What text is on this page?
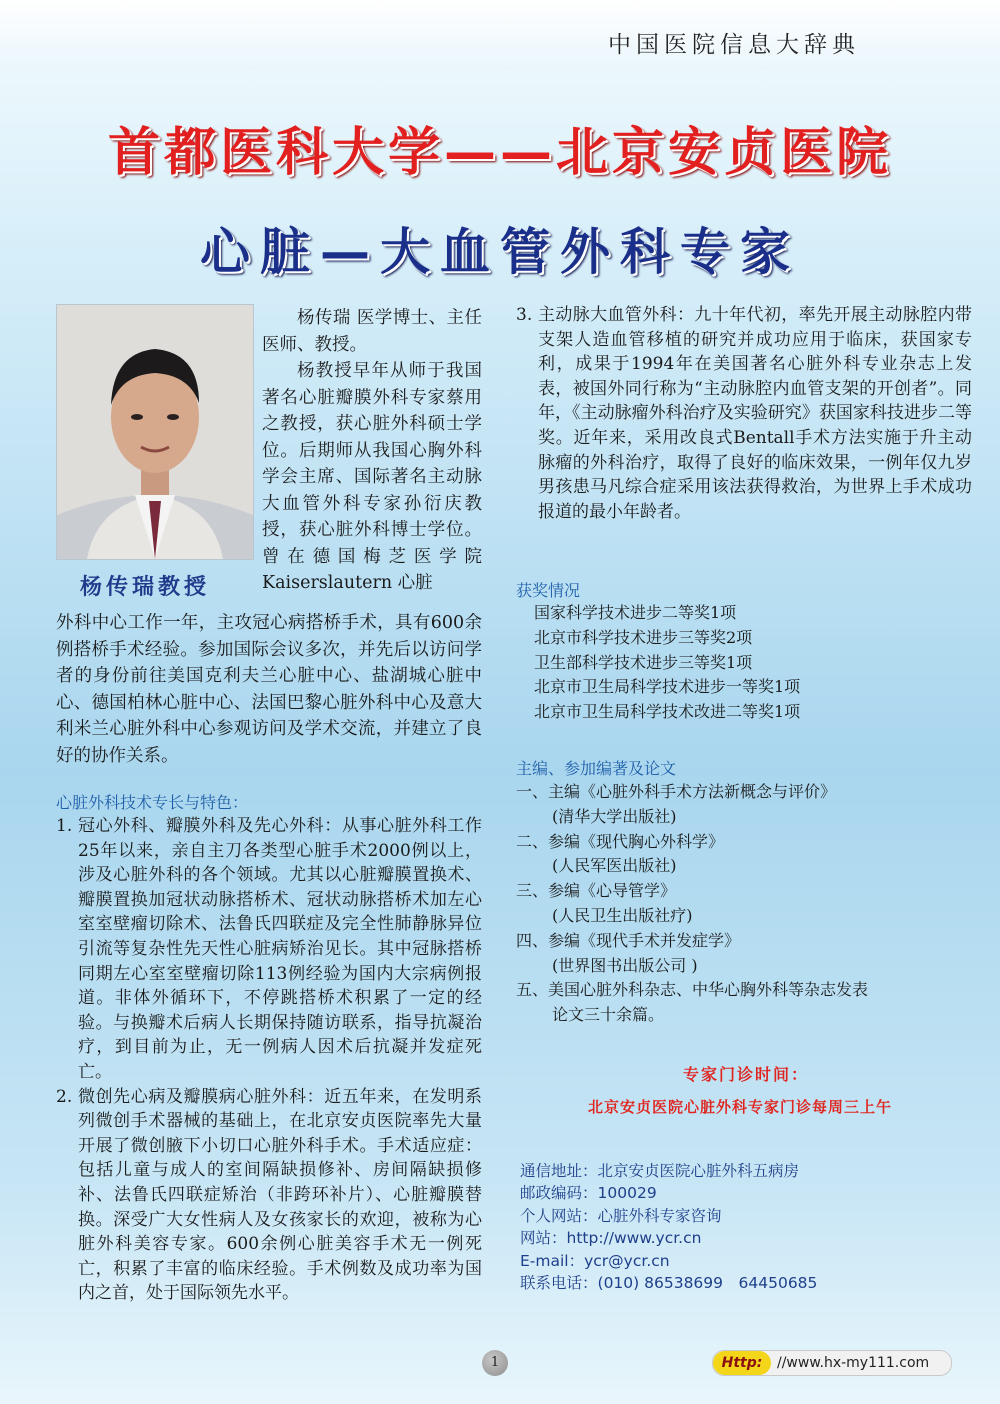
中国医院信息大辞典
首都医科大学——北京安贞医院
心脏—大血管外科专家
杨传瑞教授

杨传瑞 医学博士、主任医师、教授。

杨教授早年从师于我国著名心脏瓣膜外科专家蔡用之教授，获心脏外科硕士学位。后期师从我国心胸外科学会主席、国际著名主动脉大血管外科专家孙衍庆教授，获心脏外科博士学位。曾在德国梅芝医学院 Kaiserslautern 心脏

外科中心工作一年，主攻冠心病搭桥手术，具有600余例搭桥手术经验。参加国际会议多次，并先后以访问学者的身份前往美国克利夫兰心脏中心、盐湖城心脏中心、德国柏林心脏中心、法国巴黎心脏外科中心及意大利米兰心脏外科中心参观访问及学术交流，并建立了良好的协作关系。

心脏外科技术专长与特色：
1. 冠心外科、瓣膜外科及先心外科：从事心脏外科工作25年以来，亲自主刀各类型心脏手术2000例以上，涉及心脏外科的各个领域。尤其以心脏瓣膜置换术、瓣膜置换加冠状动脉搭桥术、冠状动脉搭桥术加左心室室壁瘤切除术、法鲁氏四联症及完全性肺静脉异位引流等复杂性先天性心脏病矫治见长。其中冠脉搭桥同期左心室室壁瘤切除113例经验为国内大宗病例报道。非体外循环下，不停跳搭桥术积累了一定的经验。与换瓣术后病人长期保持随访联系，指导抗凝治疗，到目前为止，无一例病人因术后抗凝并发症死亡。
2. 微创先心病及瓣膜病心脏外科：近五年来，在发明系列微创手术器械的基础上，在北京安贞医院率先大量开展了微创腋下小切口心脏外科手术。手术适应症：包括儿童与成人的室间隔缺损修补、房间隔缺损修补、法鲁氏四联症矫治（非跨环补片）、心脏瓣膜替换。深受广大女性病人及女孩家长的欢迎，被称为心脏外科美容专家。600余例心脏美容手术无一例死亡，积累了丰富的临床经验。手术例数及成功率为国内之首，处于国际领先水平。
3. 主动脉大血管外科：九十年代初，率先开展主动脉腔内带支架人造血管移植的研究并成功应用于临床，获国家专利，成果于1994年在美国著名心脏外科专业杂志上发表，被国外同行称为“主动脉腔内血管支架的开创者”。同年，《主动脉瘤外科治疗及实验研究》获国家科技进步二等奖。近年来，采用改良式Bentall手术方法实施于升主动脉瘤的外科治疗，取得了良好的临床效果，一例年仅九岁男孩患马凡综合症采用该法获得救治，为世界上手术成功报道的最小年龄者。
获奖情况
国家科学技术进步二等奖1项
北京市科学技术进步三等奖2项
卫生部科学技术进步三等奖1项
北京市卫生局科学技术进步一等奖1项
北京市卫生局科学技术改进二等奖1项
主编、参加编著及论文
一、主编《心脏外科手术方法新概念与评价》
(清华大学出版社)
二、参编《现代胸心外科学》
(人民军医出版社)
三、参编《心导管学》
(人民卫生出版社疗)
四、参编《现代手术并发症学》
(世界图书出版公司 )
五、美国心脏外科杂志、中华心胸外科等杂志发表
论文三十余篇。
专家门诊时间：
北京安贞医院心脏外科专家门诊每周三上午
通信地址： 北京安贞医院心脏外科五病房
邮政编码： 100029
个人网站： 心脏外科专家咨询
网站： http://www.ycr.cn
E-mail： ycr@ycr.cn
联系电话： (010) 86538699　64450685
1	Http:	//www.hx-my111.com
